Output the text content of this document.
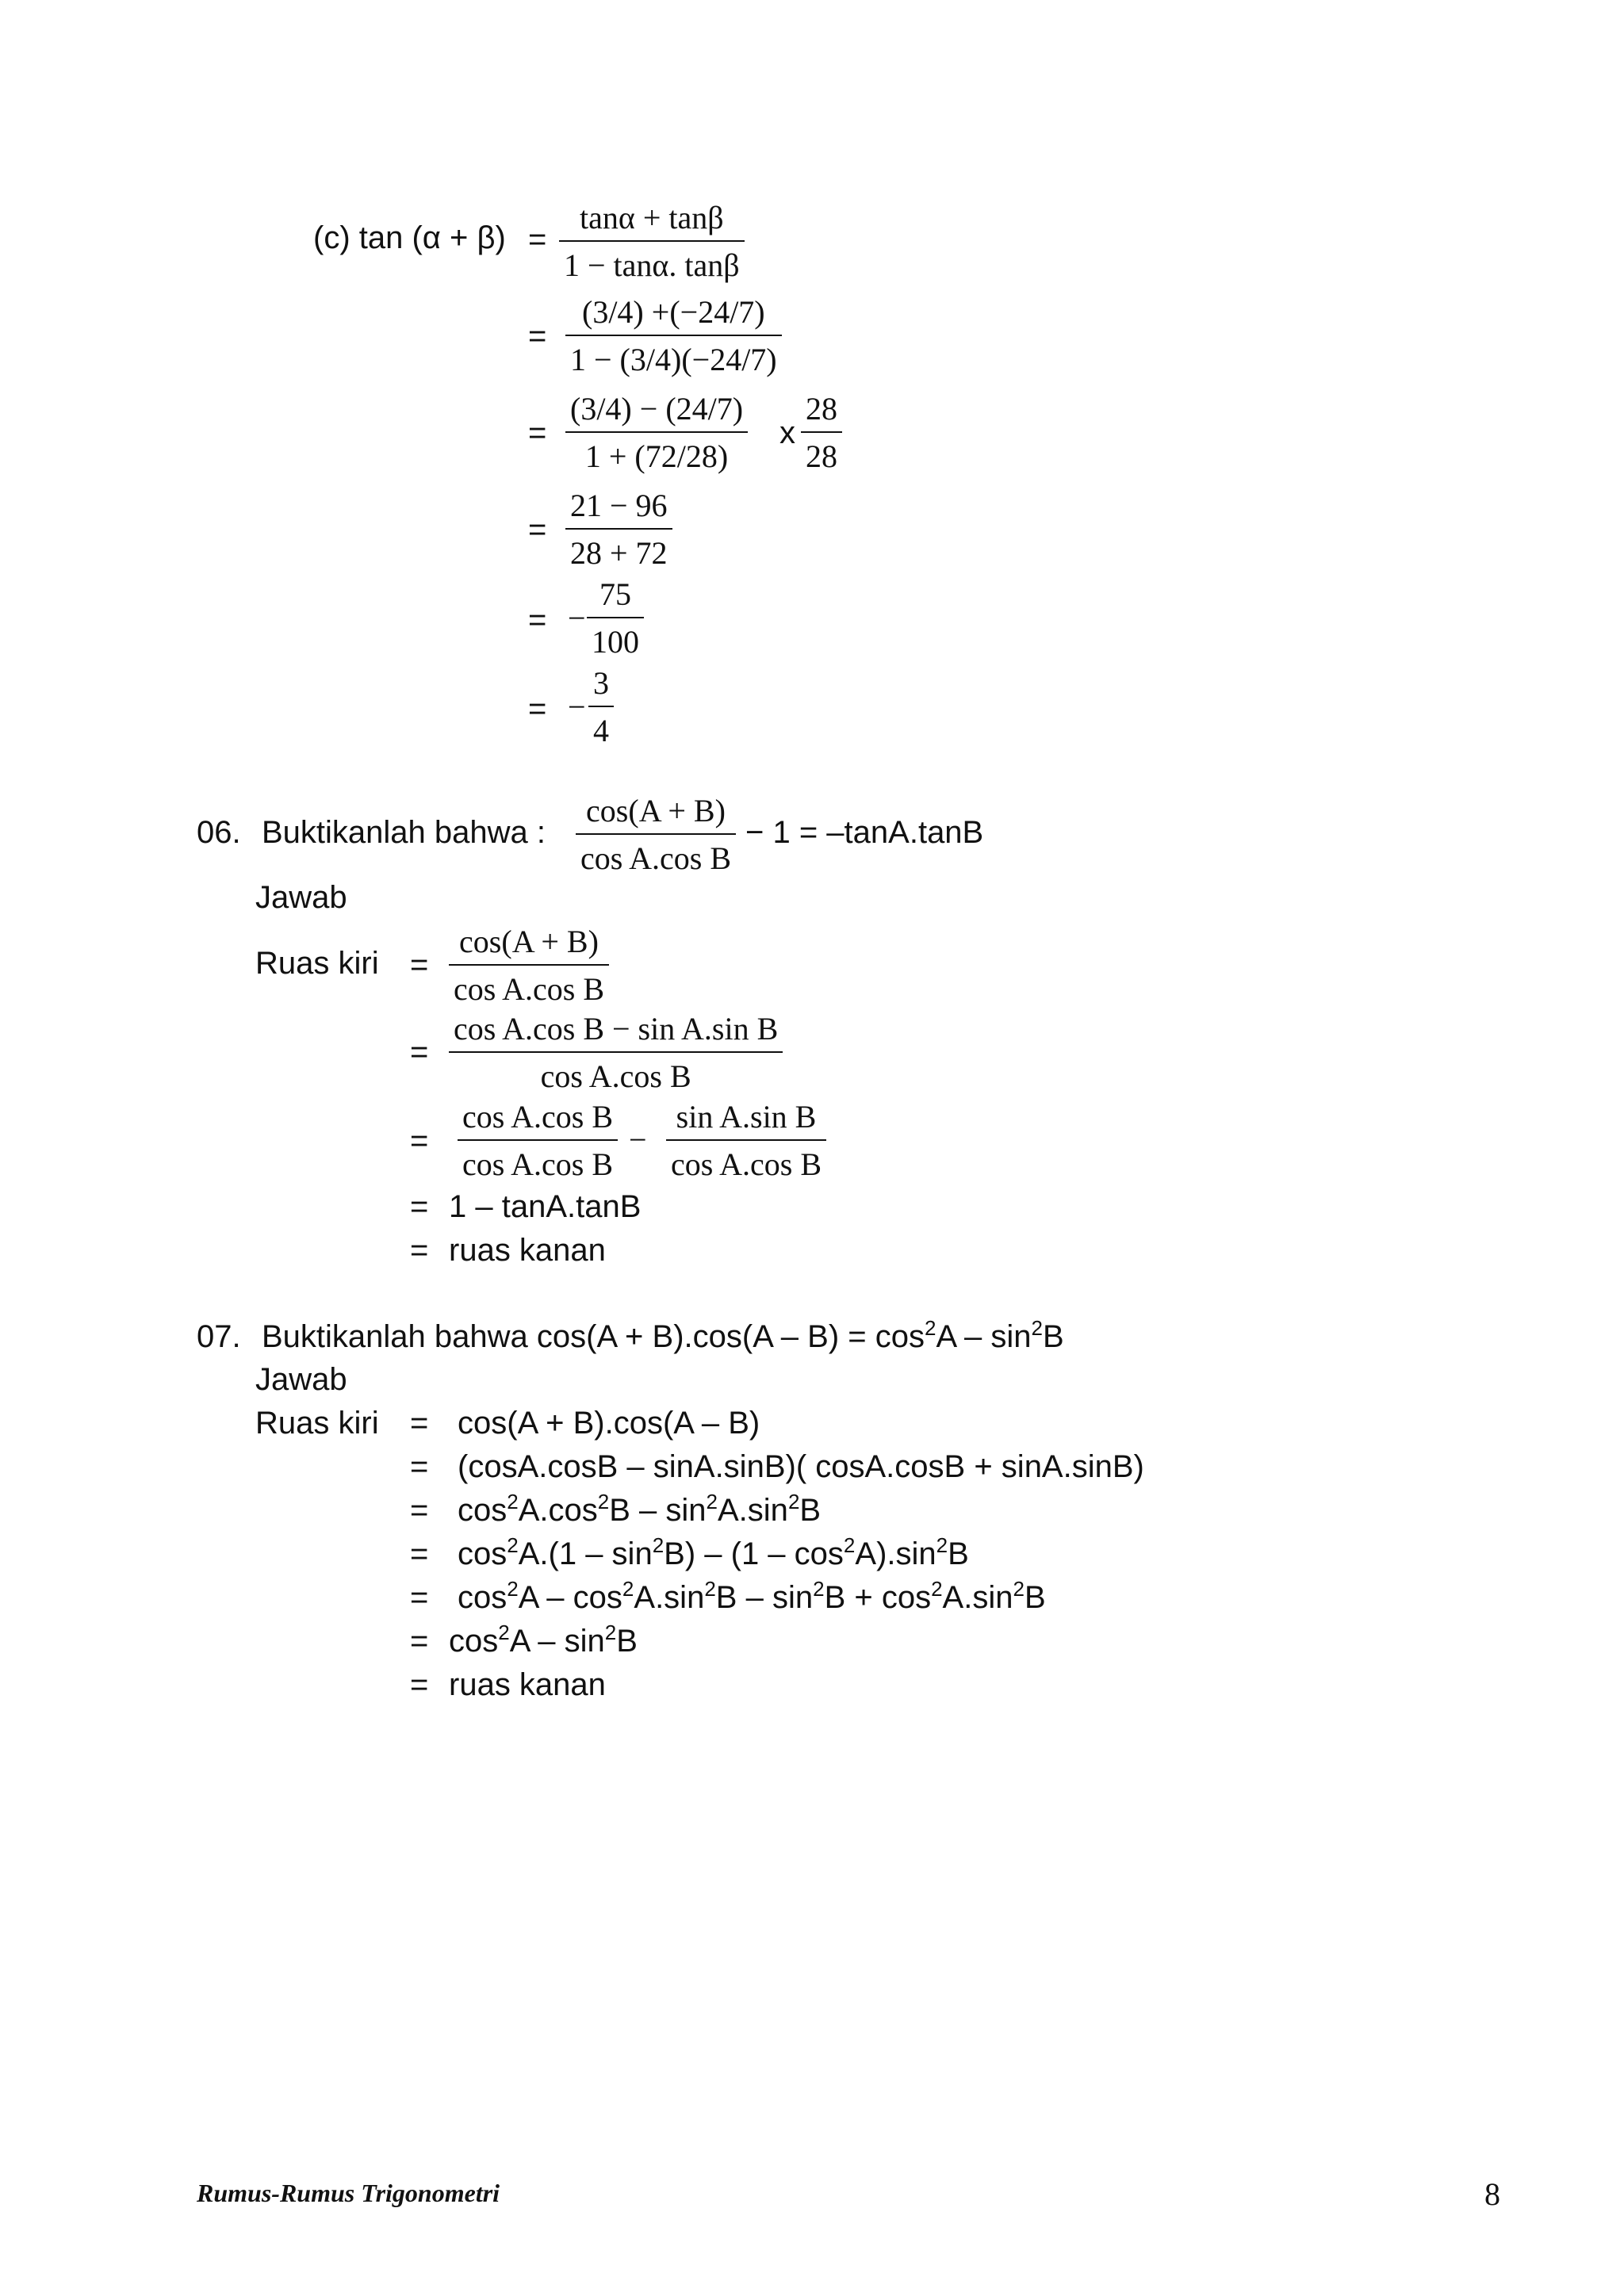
(c) tan (α + β) =
tanα + tanβ
1 − tanα. tanβ
=
(3/4) +(−24/7)
1 − (3/4)(−24/7)
=
(3/4) − (24/7)
1 + (72/28)
x
28
28
=
21 − 96
28 + 72
= −
75
100
= −
3
4
06. Buktikanlah bahwa :
cos(A + B)
cos A.cos B
− 1 = –tanA.tanB
Jawab
Ruas kiri =
cos(A + B)
cos A.cos B
=
cos A.cos B − sin A.sin B
cos A.cos B
=
cos A.cos B
cos A.cos B
−
sin A.sin B
cos A.cos B
= 1 – tanA.tanB
= ruas kanan
07. Buktikanlah bahwa $\cos(A + B).\cos(A - B) = \cos^2A - \sin^2B$
Jawab
Ruas kiri = cos(A + B).cos(A – B)
= (cosA.cosB – sinA.sinB)( cosA.cosB + sinA.sinB)
= $\cos^2A.\cos^2B - \sin^2A.\sin^2B$
= $\cos^2A.(1 - \sin^2B) - (1 - \cos^2A).\sin^2B$
= $\cos^2A - \cos^2A.\sin^2B - \sin^2B + \cos^2A.\sin^2B$
= $\cos^2A - \sin^2B$
= ruas kanan
Rumus-Rumus Trigonometri	8
